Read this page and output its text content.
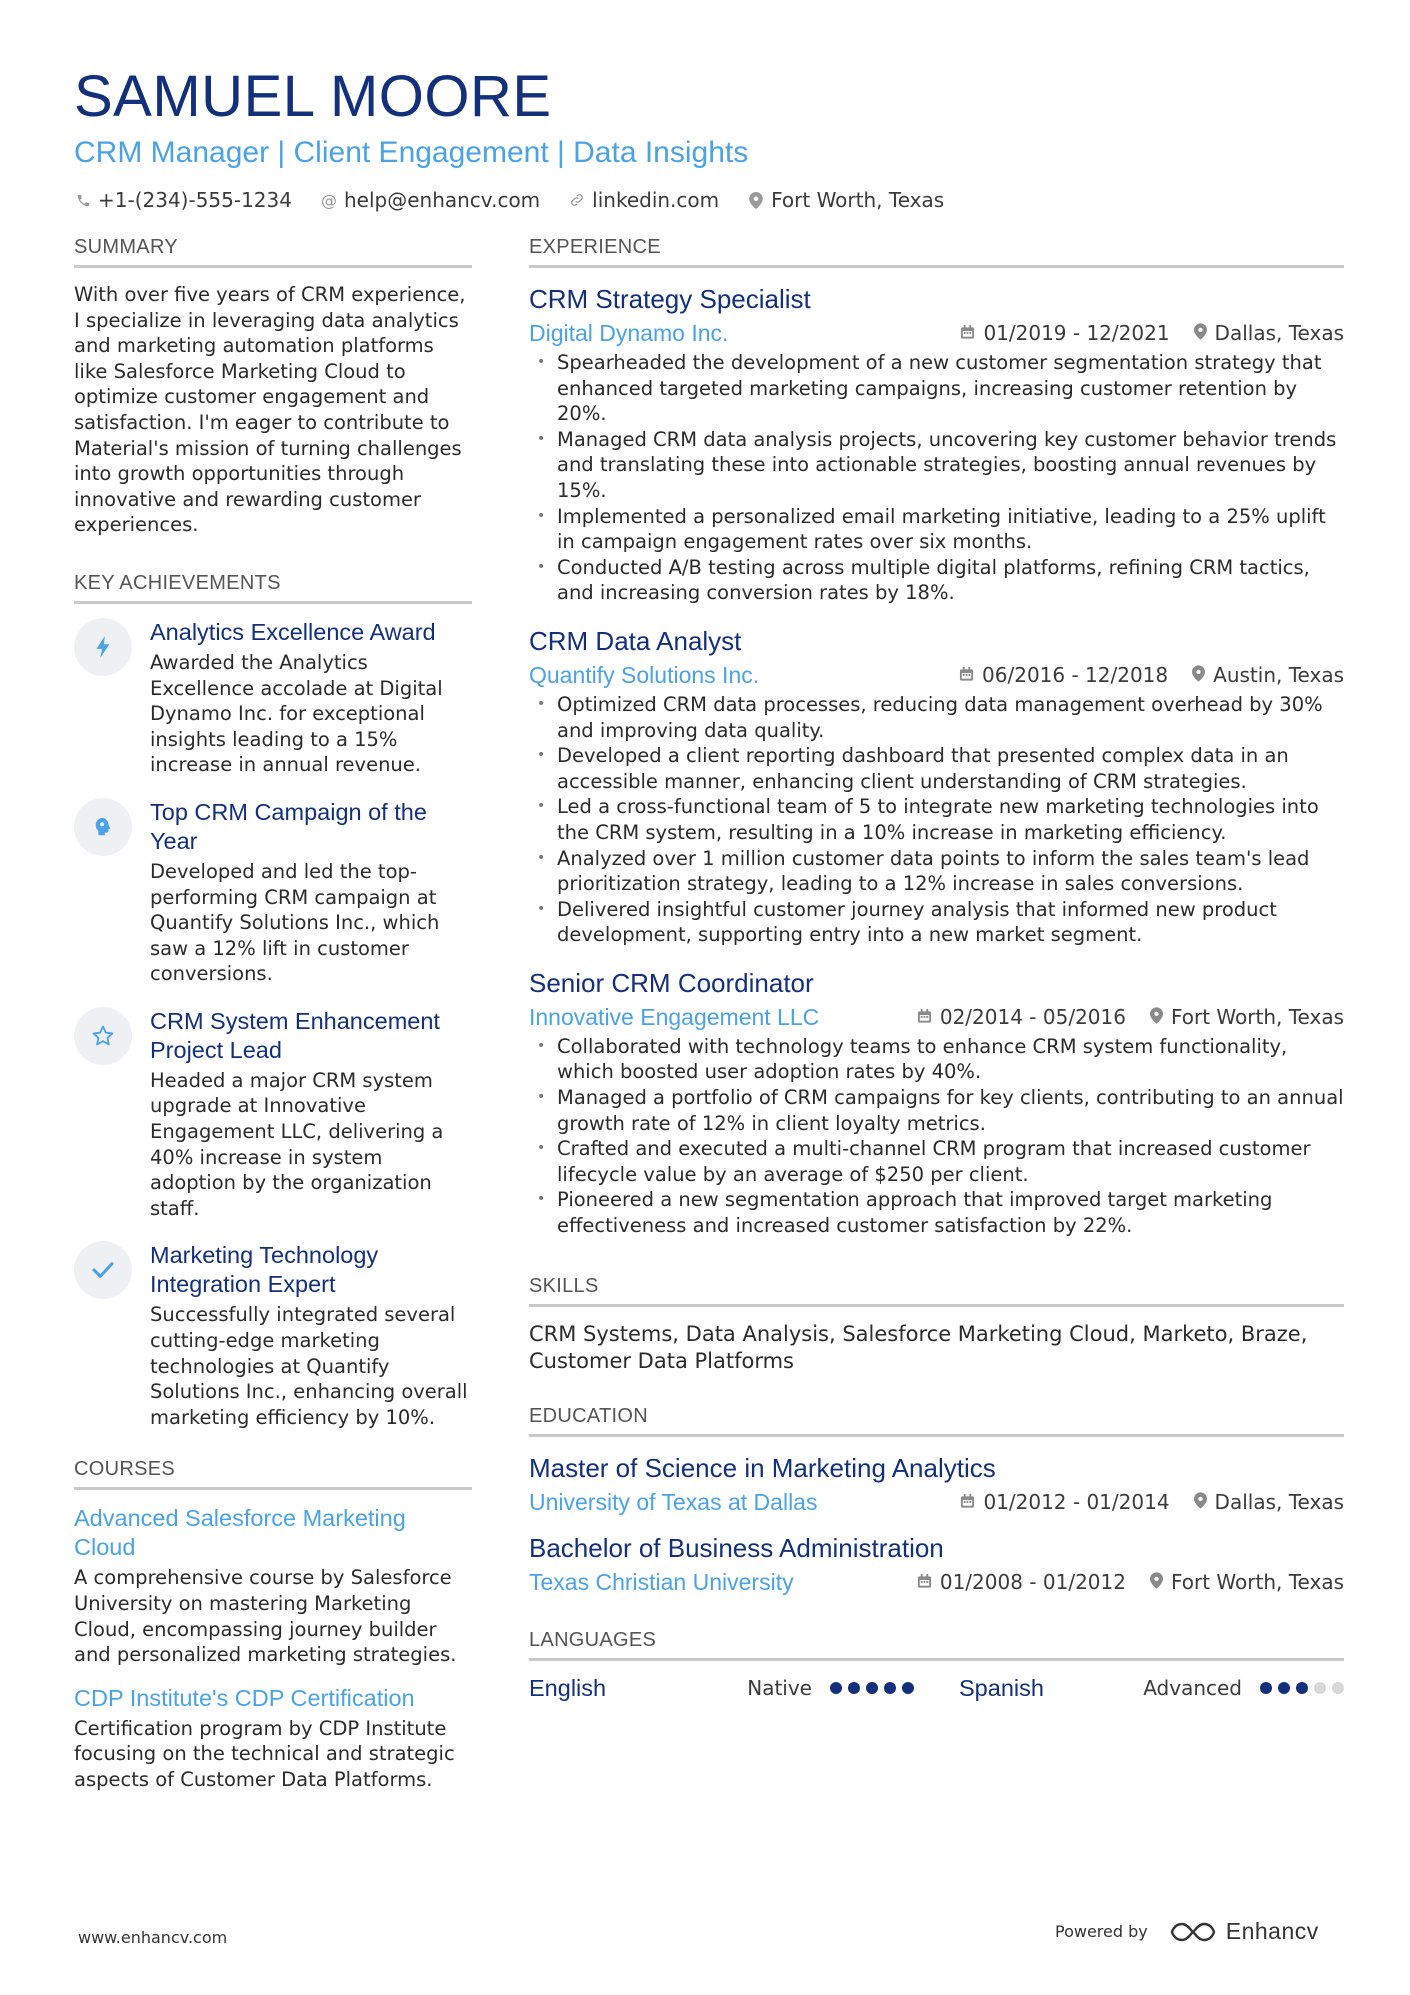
SAMUEL MOORE
CRM Manager | Client Engagement | Data Insights
+1-(234)-555-1234 @ help@enhancv.com	linkedin.com	Fort Worth, Texas
SUMMARY
With over five years of CRM experience, I specialize in leveraging data analytics and marketing automation platforms like Salesforce Marketing Cloud to optimize customer engagement and satisfaction. I'm eager to contribute to Material's mission of turning challenges into growth opportunities through innovative and rewarding customer experiences.
KEY ACHIEVEMENTS
Analytics Excellence Award
Awarded the Analytics Excellence accolade at Digital Dynamo Inc. for exceptional insights leading to a 15% increase in annual revenue.
Top CRM Campaign of the Year
Developed and led the top-performing CRM campaign at Quantify Solutions Inc., which saw a 12% lift in customer conversions.
CRM System Enhancement Project Lead
Headed a major CRM system upgrade at Innovative Engagement LLC, delivering a 40% increase in system adoption by the organization staff.
Marketing Technology Integration Expert
Successfully integrated several cutting-edge marketing technologies at Quantify Solutions Inc., enhancing overall marketing efficiency by 10%.
COURSES
Advanced Salesforce Marketing Cloud
A comprehensive course by Salesforce University on mastering Marketing Cloud, encompassing journey builder and personalized marketing strategies.
CDP Institute's CDP Certification
Certification program by CDP Institute focusing on the technical and strategic aspects of Customer Data Platforms.
EXPERIENCE
CRM Strategy Specialist
Digital Dynamo Inc.	01/2019 - 12/2021 Dallas, Texas
• Spearheaded the development of a new customer segmentation strategy that enhanced targeted marketing campaigns, increasing customer retention by 20%.
• Managed CRM data analysis projects, uncovering key customer behavior trends and translating these into actionable strategies, boosting annual revenues by 15%.
• Implemented a personalized email marketing initiative, leading to a 25% uplift in campaign engagement rates over six months.
• Conducted A/B testing across multiple digital platforms, refining CRM tactics, and increasing conversion rates by 18%.
CRM Data Analyst
Quantify Solutions Inc.	06/2016 - 12/2018 Austin, Texas
• Optimized CRM data processes, reducing data management overhead by 30% and improving data quality.
• Developed a client reporting dashboard that presented complex data in an accessible manner, enhancing client understanding of CRM strategies.
• Led a cross-functional team of 5 to integrate new marketing technologies into the CRM system, resulting in a 10% increase in marketing efficiency.
• Analyzed over 1 million customer data points to inform the sales team's lead prioritization strategy, leading to a 12% increase in sales conversions.
• Delivered insightful customer journey analysis that informed new product development, supporting entry into a new market segment.
Senior CRM Coordinator
Innovative Engagement LLC	02/2014 - 05/2016 Fort Worth, Texas
• Collaborated with technology teams to enhance CRM system functionality, which boosted user adoption rates by 40%.
• Managed a portfolio of CRM campaigns for key clients, contributing to an annual growth rate of 12% in client loyalty metrics.
• Crafted and executed a multi-channel CRM program that increased customer lifecycle value by an average of $250 per client.
• Pioneered a new segmentation approach that improved target marketing effectiveness and increased customer satisfaction by 22%.
SKILLS
CRM Systems, Data Analysis, Salesforce Marketing Cloud, Marketo, Braze, Customer Data Platforms
EDUCATION
Master of Science in Marketing Analytics
University of Texas at Dallas	01/2012 - 01/2014 Dallas, Texas
Bachelor of Business Administration
Texas Christian University	01/2008 - 01/2012 Fort Worth, Texas
LANGUAGES
English	Native	Spanish	Advanced
www.enhancv.com	Powered by	Enhancv
